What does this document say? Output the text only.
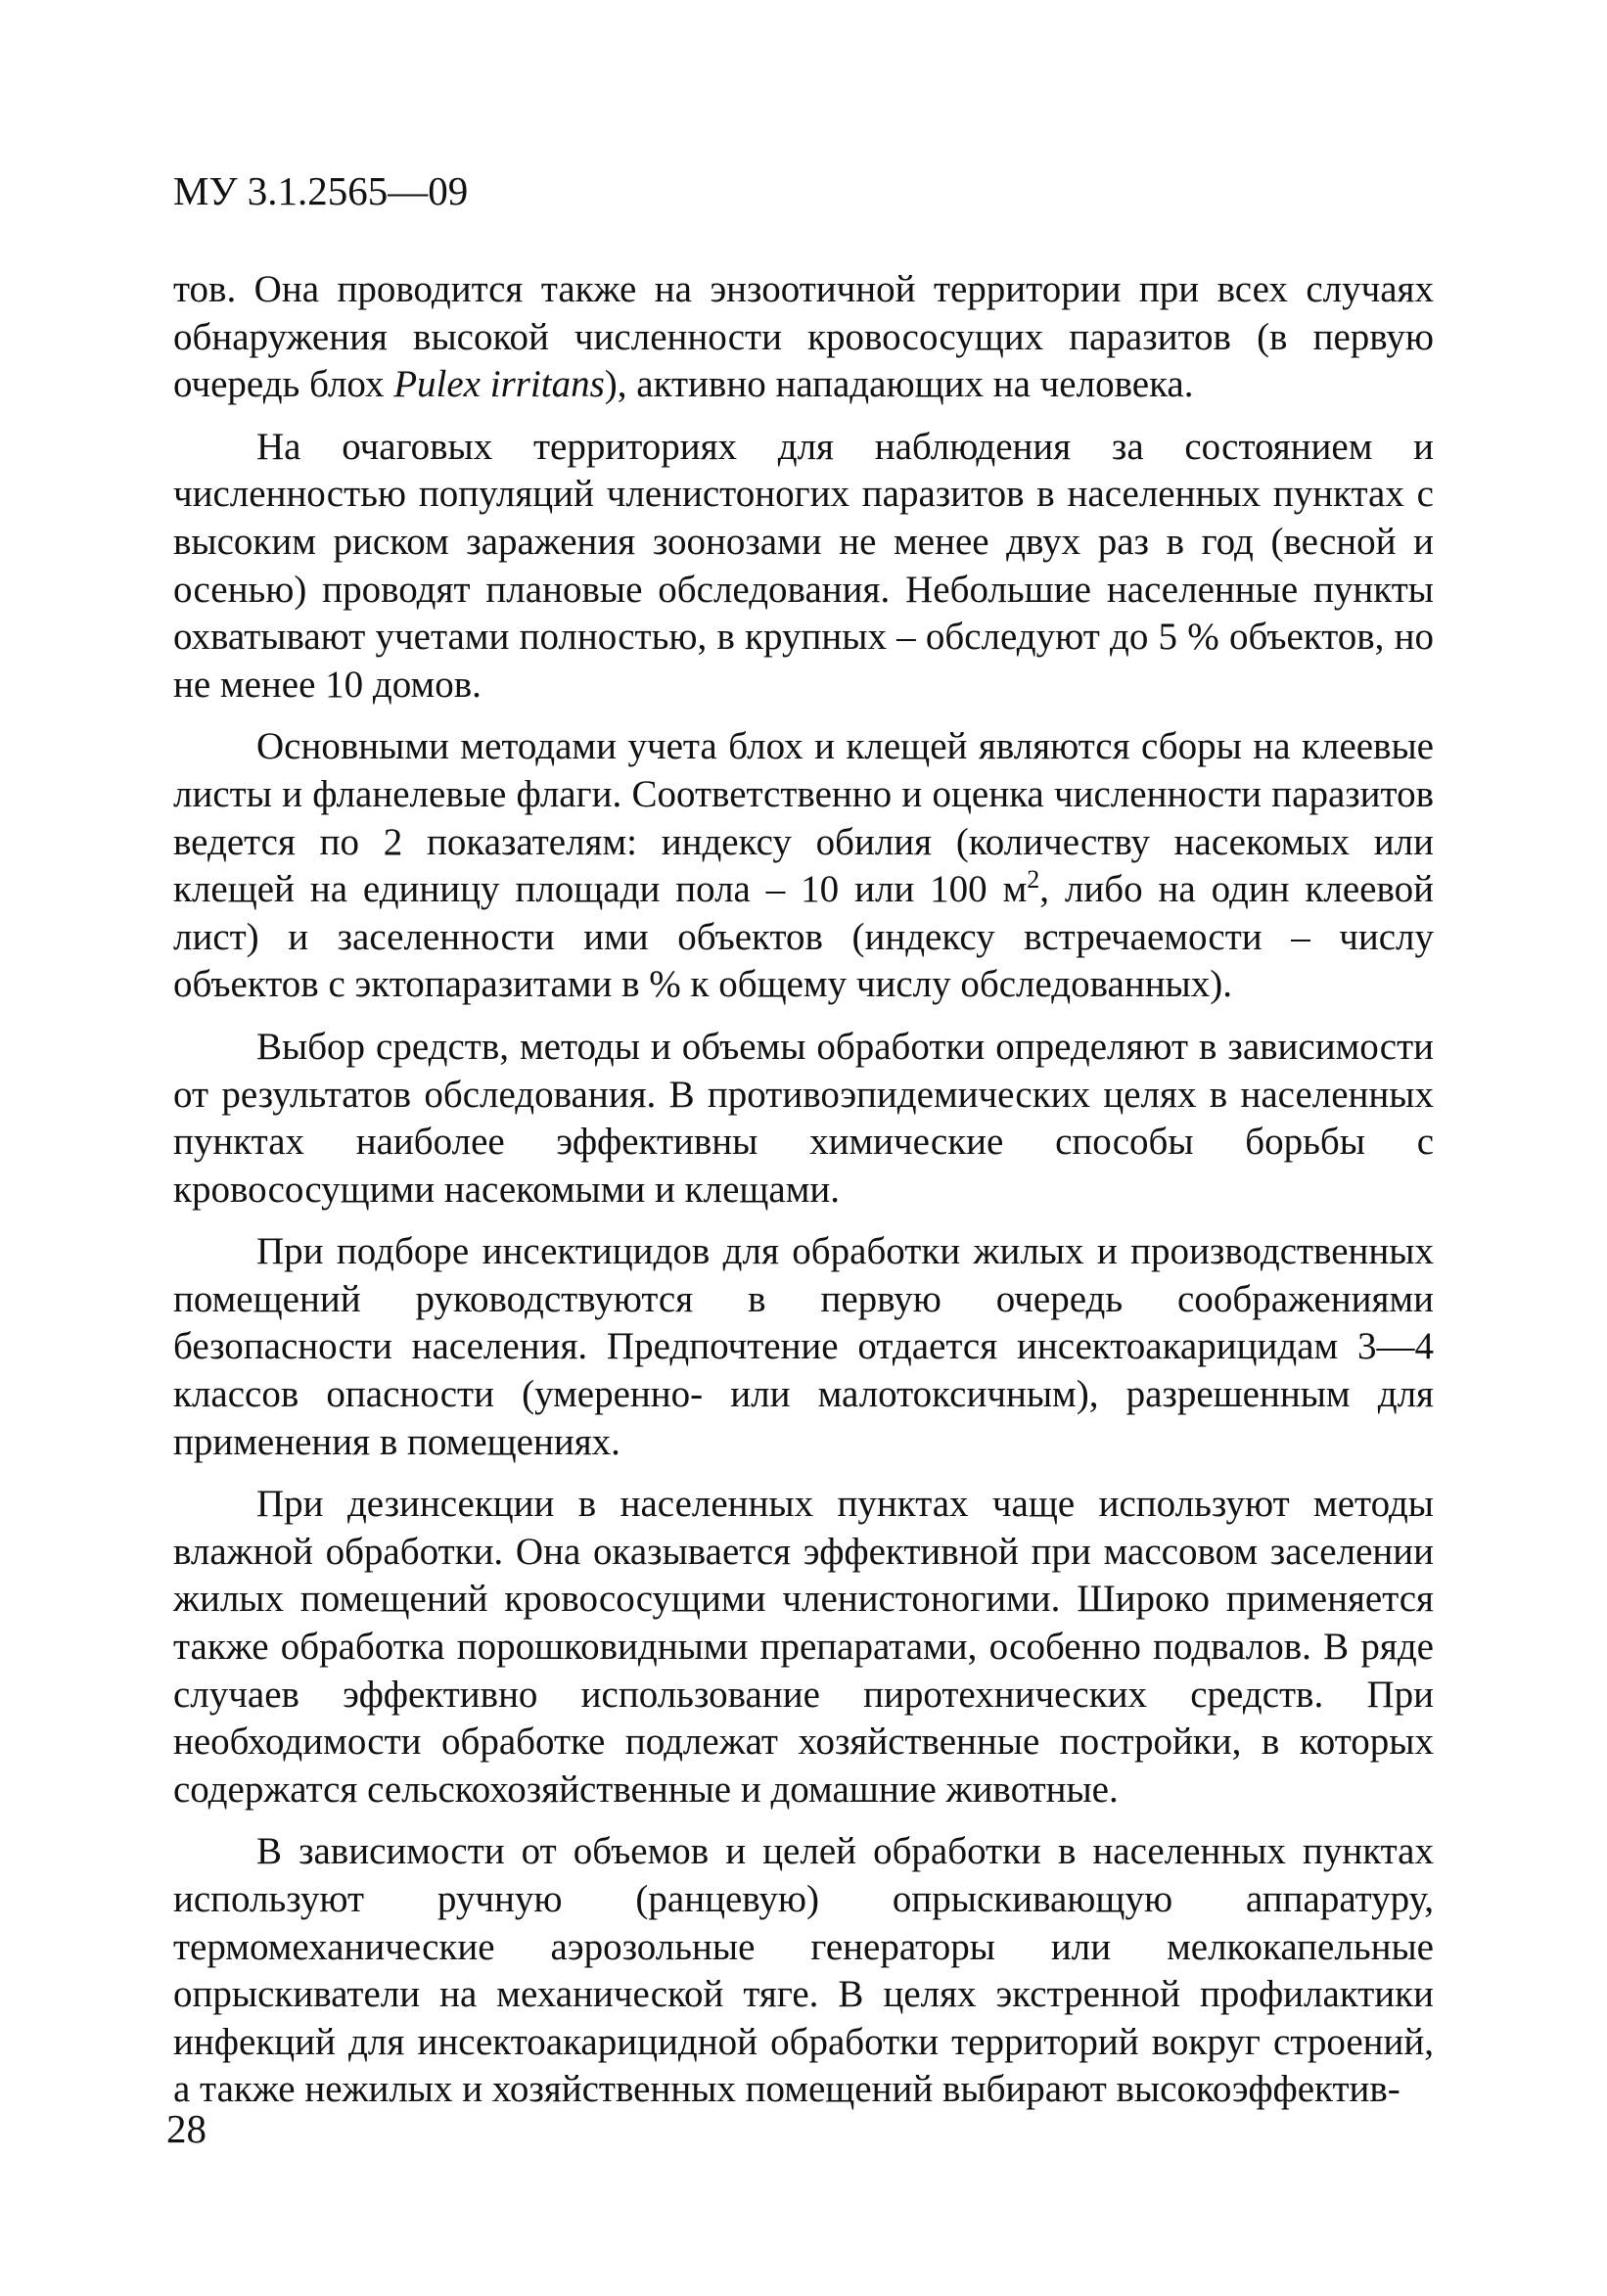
МУ 3.1.2565—09

тов. Она проводится также на энзоотичной территории при всех случаях обнаружения высокой численности кровососущих паразитов (в первую очередь блох Pulex irritans), активно нападающих на человека.

На очаговых территориях для наблюдения за состоянием и численностью популяций членистоногих паразитов в населенных пунктах с высоким риском заражения зоонозами не менее двух раз в год (весной и осенью) проводят плановые обследования. Небольшие населенные пункты охватывают учетами полностью, в крупных – обследуют до 5 % объектов, но не менее 10 домов.

Основными методами учета блох и клещей являются сборы на клеевые листы и фланелевые флаги. Соответственно и оценка численности паразитов ведется по 2 показателям: индексу обилия (количеству насекомых или клещей на единицу площади пола – 10 или 100 $м^2$, либо на один клеевой лист) и заселенности ими объектов (индексу встречаемости – числу объектов с эктопаразитами в % к общему числу обследованных).

Выбор средств, методы и объемы обработки определяют в зависимости от результатов обследования. В противоэпидемических целях в населенных пунктах наиболее эффективны химические способы борьбы с кровососущими насекомыми и клещами.

При подборе инсектицидов для обработки жилых и производственных помещений руководствуются в первую очередь соображениями безопасности населения. Предпочтение отдается инсектоакарицидам 3—4 классов опасности (умеренно- или малотоксичным), разрешенным для применения в помещениях.

При дезинсекции в населенных пунктах чаще используют методы влажной обработки. Она оказывается эффективной при массовом заселении жилых помещений кровососущими членистоногими. Широко применяется также обработка порошковидными препаратами, особенно подвалов. В ряде случаев эффективно использование пиротехнических средств. При необходимости обработке подлежат хозяйственные постройки, в которых содержатся сельскохозяйственные и домашние животные.

В зависимости от объемов и целей обработки в населенных пунктах используют ручную (ранцевую) опрыскивающую аппаратуру, термомеханические аэрозольные генераторы или мелкокапельные опрыскиватели на механической тяге. В целях экстренной профилактики инфекций для инсектоакарицидной обработки территорий вокруг строений, а также нежилых и хозяйственных помещений выбирают высокоэффектив-

28
